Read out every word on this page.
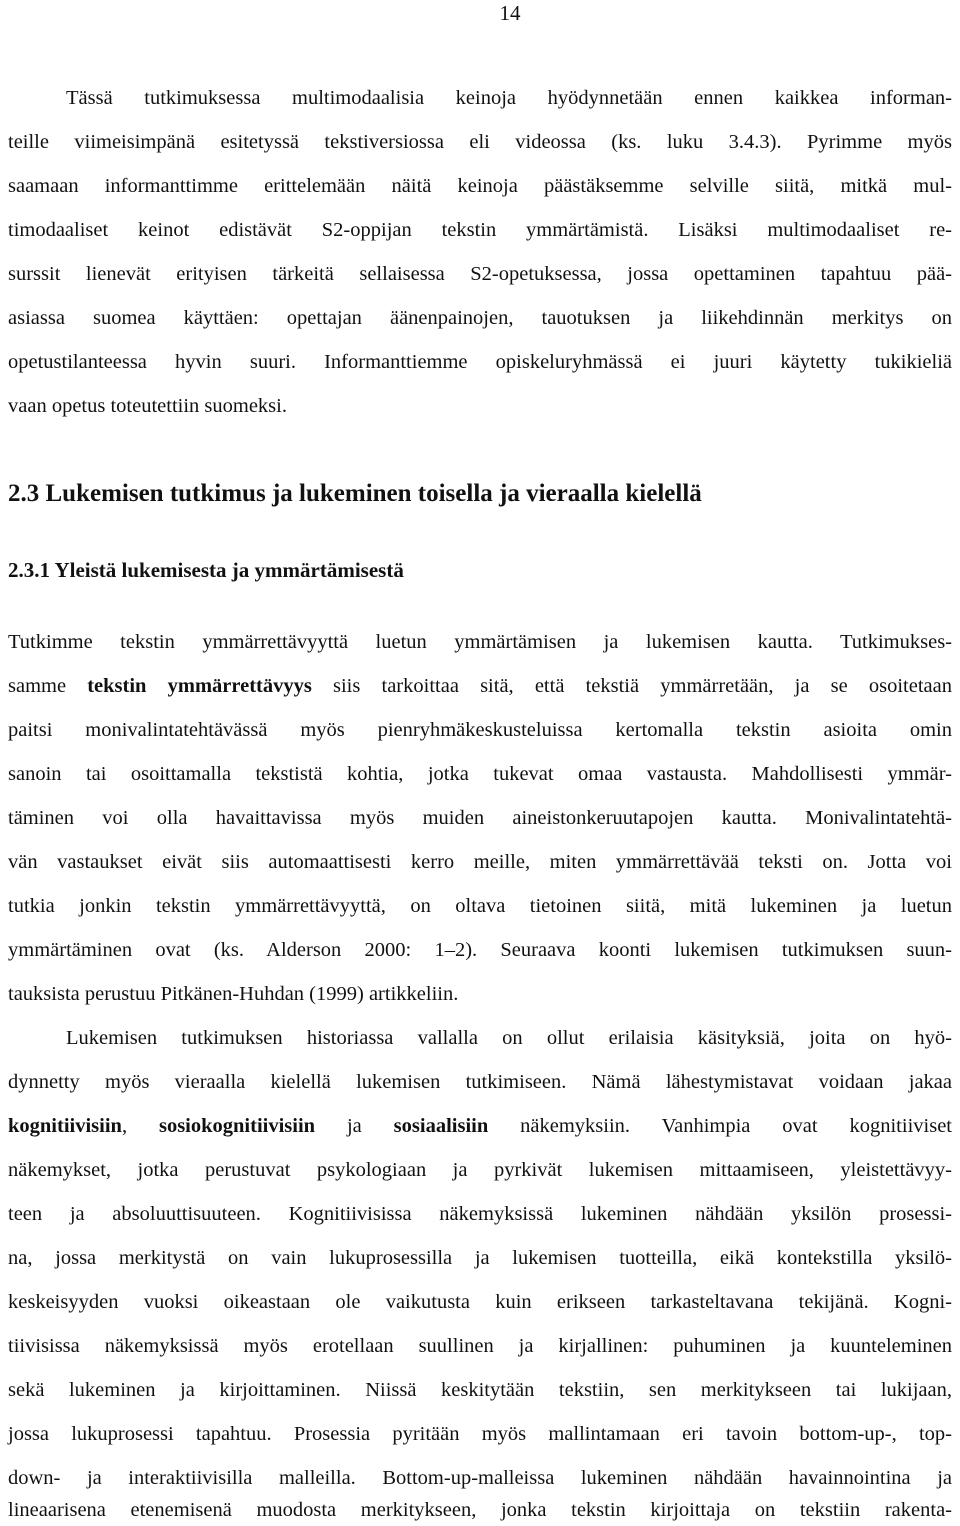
14
Tässä tutkimuksessa multimodaalisia keinoja hyödynnetään ennen kaikkea informan-
teille viimeisimpänä esitetyssä tekstiversiossa eli videossa (ks. luku 3.4.3). Pyrimme myös
saamaan informanttimme erittelemään näitä keinoja päästäksemme selville siitä, mitkä mul-
timodaaliset keinot edistävät S2-oppijan tekstin ymmärtämistä. Lisäksi multimodaaliset re-
surssit lienevät erityisen tärkeitä sellaisessa S2-opetuksessa, jossa opettaminen tapahtuu pää-
asiassa suomea käyttäen: opettajan äänenpainojen, tauotuksen ja liikehdinnän merkitys on
opetustilanteessa hyvin suuri. Informanttiemme opiskeluryhmässä ei juuri käytetty tukikieliä
vaan opetus toteutettiin suomeksi.
2.3 Lukemisen tutkimus ja lukeminen toisella ja vieraalla kielellä
2.3.1 Yleistä lukemisesta ja ymmärtämisestä
Tutkimme tekstin ymmärrettävyyttä luetun ymmärtämisen ja lukemisen kautta. Tutkimukses-
samme tekstin ymmärrettävyys siis tarkoittaa sitä, että tekstiä ymmärretään, ja se osoitetaan
paitsi monivalintatehtävässä myös pienryhmäkeskusteluissa kertomalla tekstin asioita omin
sanoin tai osoittamalla tekstistä kohtia, jotka tukevat omaa vastausta. Mahdollisesti ymmär-
täminen voi olla havaittavissa myös muiden aineistonkeruutapojen kautta. Monivalintatehtä-
vän vastaukset eivät siis automaattisesti kerro meille, miten ymmärrettävää teksti on. Jotta voi
tutkia jonkin tekstin ymmärrettävyyttä, on oltava tietoinen siitä, mitä lukeminen ja luetun
ymmärtäminen ovat (ks. Alderson 2000: 1–2). Seuraava koonti lukemisen tutkimuksen suun-
tauksista perustuu Pitkänen-Huhdan (1999) artikkeliin.
Lukemisen tutkimuksen historiassa vallalla on ollut erilaisia käsityksiä, joita on hyö-
dynnetty myös vieraalla kielellä lukemisen tutkimiseen. Nämä lähestymistavat voidaan jakaa
kognitiivisiin, sosiokognitiivisiin ja sosiaalisiin näkemyksiin. Vanhimpia ovat kognitiiviset
näkemykset, jotka perustuvat psykologiaan ja pyrkivät lukemisen mittaamiseen, yleistettävyy-
teen ja absoluuttisuuteen. Kognitiivisissa näkemyksissä lukeminen nähdään yksilön prosessi-
na, jossa merkitystä on vain lukuprosessilla ja lukemisen tuotteilla, eikä kontekstilla yksilö-
keskeisyyden vuoksi oikeastaan ole vaikutusta kuin erikseen tarkasteltavana tekijänä. Kogni-
tiivisissa näkemyksissä myös erotellaan suullinen ja kirjallinen: puhuminen ja kuunteleminen
sekä lukeminen ja kirjoittaminen. Niissä keskitytään tekstiin, sen merkitykseen tai lukijaan,
jossa lukuprosessi tapahtuu. Prosessia pyritään myös mallintamaan eri tavoin bottom-up-, top-
down- ja interaktiivisilla malleilla. Bottom-up-malleissa lukeminen nähdään havainnointina ja
lineaarisena etenemisenä muodosta merkitykseen, jonka tekstin kirjoittaja on tekstiin rakenta-
